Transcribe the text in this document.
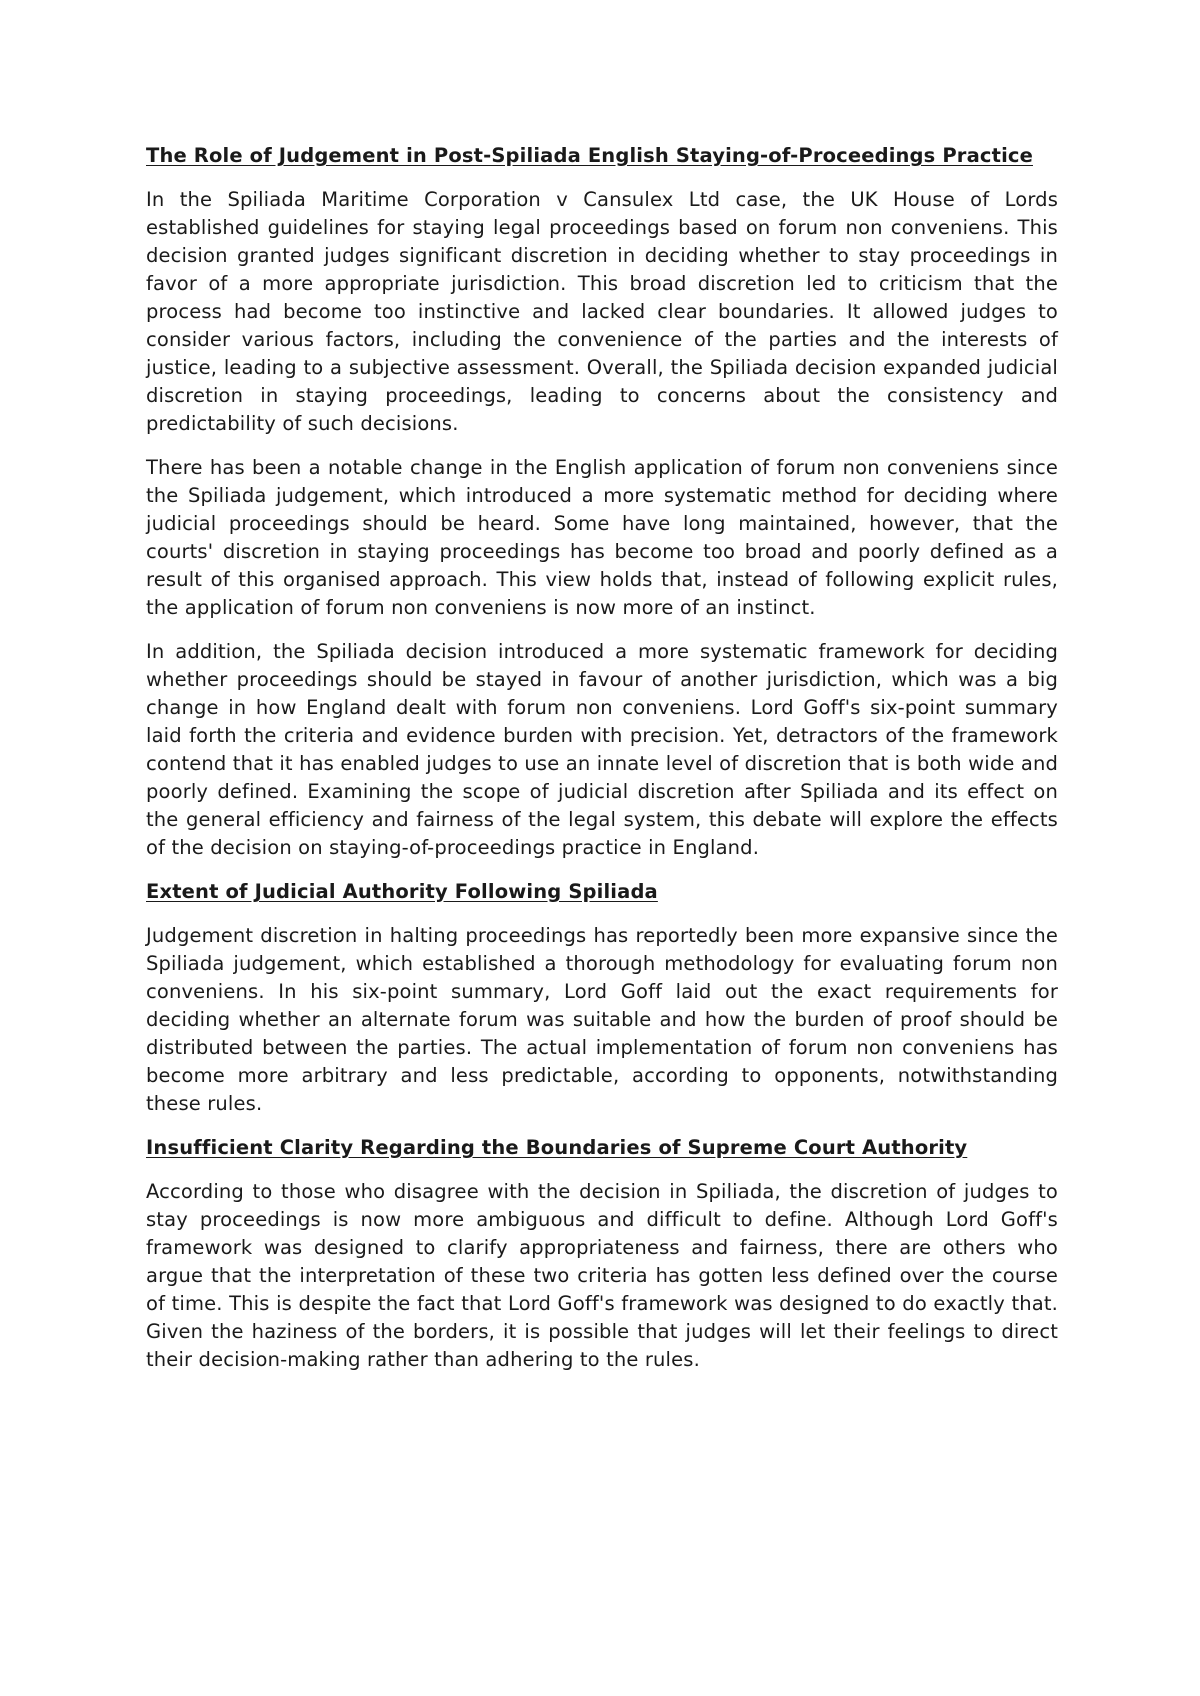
The Role of Judgement in Post-Spiliada English Staying-of-Proceedings Practice

In the Spiliada Maritime Corporation v Cansulex Ltd case, the UK House of Lords established guidelines for staying legal proceedings based on forum non conveniens. This decision granted judges significant discretion in deciding whether to stay proceedings in favor of a more appropriate jurisdiction. This broad discretion led to criticism that the process had become too instinctive and lacked clear boundaries. It allowed judges to consider various factors, including the convenience of the parties and the interests of justice, leading to a subjective assessment. Overall, the Spiliada decision expanded judicial discretion in staying proceedings, leading to concerns about the consistency and predictability of such decisions.

There has been a notable change in the English application of forum non conveniens since the Spiliada judgement, which introduced a more systematic method for deciding where judicial proceedings should be heard. Some have long maintained, however, that the courts' discretion in staying proceedings has become too broad and poorly defined as a result of this organised approach. This view holds that, instead of following explicit rules, the application of forum non conveniens is now more of an instinct.

In addition, the Spiliada decision introduced a more systematic framework for deciding whether proceedings should be stayed in favour of another jurisdiction, which was a big change in how England dealt with forum non conveniens. Lord Goff's six-point summary laid forth the criteria and evidence burden with precision. Yet, detractors of the framework contend that it has enabled judges to use an innate level of discretion that is both wide and poorly defined. Examining the scope of judicial discretion after Spiliada and its effect on the general efficiency and fairness of the legal system, this debate will explore the effects of the decision on staying-of-proceedings practice in England.

Extent of Judicial Authority Following Spiliada

Judgement discretion in halting proceedings has reportedly been more expansive since the Spiliada judgement, which established a thorough methodology for evaluating forum non conveniens. In his six-point summary, Lord Goff laid out the exact requirements for deciding whether an alternate forum was suitable and how the burden of proof should be distributed between the parties. The actual implementation of forum non conveniens has become more arbitrary and less predictable, according to opponents, notwithstanding these rules.

Insufficient Clarity Regarding the Boundaries of Supreme Court Authority

According to those who disagree with the decision in Spiliada, the discretion of judges to stay proceedings is now more ambiguous and difficult to define. Although Lord Goff's framework was designed to clarify appropriateness and fairness, there are others who argue that the interpretation of these two criteria has gotten less defined over the course of time. This is despite the fact that Lord Goff's framework was designed to do exactly that. Given the haziness of the borders, it is possible that judges will let their feelings to direct their decision-making rather than adhering to the rules.
